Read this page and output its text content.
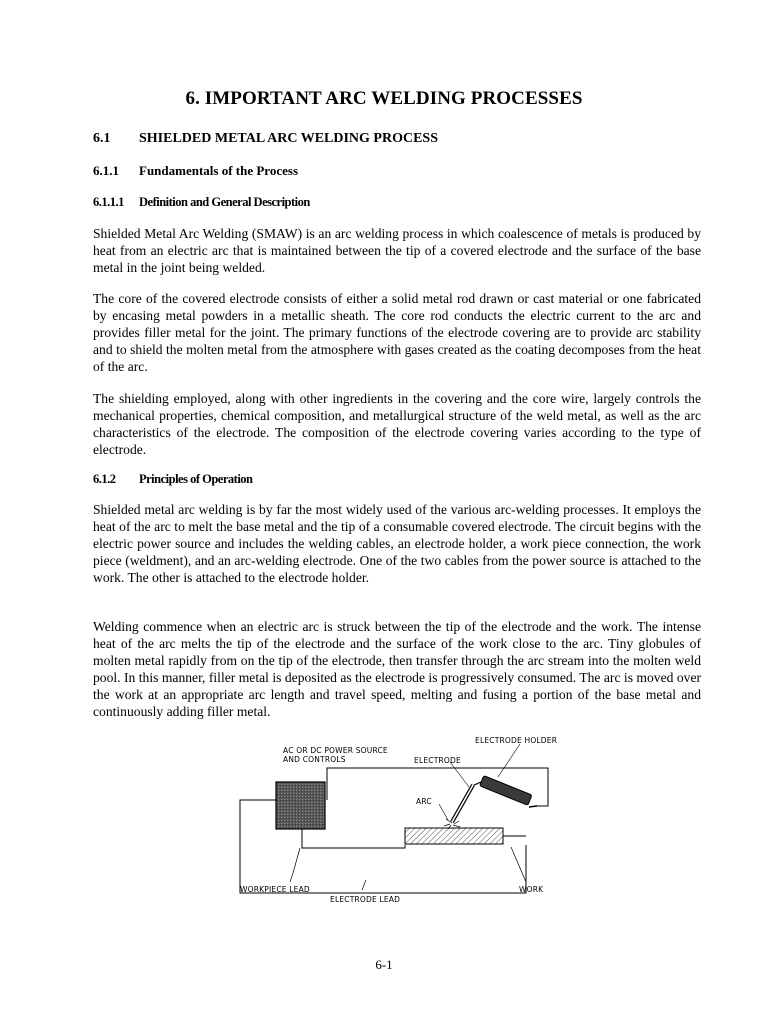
6. IMPORTANT ARC WELDING PROCESSES
6.1 SHIELDED METAL ARC WELDING PROCESS
6.1.1 Fundamentals of the Process
6.1.1.1 Definition and General Description

Shielded Metal Arc Welding (SMAW) is an arc welding process in which coalescence of metals is produced by heat from an electric arc that is maintained between the tip of a covered electrode and the surface of the base metal in the joint being welded.

The core of the covered electrode consists of either a solid metal rod drawn or cast material or one fabricated by encasing metal powders in a metallic sheath. The core rod conducts the electric current to the arc and provides filler metal for the joint. The primary functions of the electrode covering are to provide arc stability and to shield the molten metal from the atmosphere with gases created as the coating decomposes from the heat of the arc.

The shielding employed, along with other ingredients in the covering and the core wire, largely controls the mechanical properties, chemical composition, and metallurgical structure of the weld metal, as well as the arc characteristics of the electrode. The composition of the electrode covering varies according to the type of electrode.

6.1.2 Principles of Operation

Shielded metal arc welding is by far the most widely used of the various arc-welding processes. It employs the heat of the arc to melt the base metal and the tip of a consumable covered electrode. The circuit begins with the electric power source and includes the welding cables, an electrode holder, a work piece connection, the work piece (weldment), and an arc-welding electrode. One of the two cables from the power source is attached to the work. The other is attached to the electrode holder.

Welding commence when an electric arc is struck between the tip of the electrode and the work. The intense heat of the arc melts the tip of the electrode and the surface of the work close to the arc. Tiny globules of molten metal rapidly from on the tip of the electrode, then transfer through the arc stream into the molten weld pool. In this manner, filler metal is deposited as the electrode is progressively consumed. The arc is moved over the work at an appropriate arc length and travel speed, melting and fusing a portion of the base metal and continuously adding filler metal.

ELECTRODE HOLDER
AC OR DC POWER SOURCE
AND CONTROLS	ELECTRODE
ARC
WORKPIECE LEAD
ELECTRODE LEAD
WORK
6-1
